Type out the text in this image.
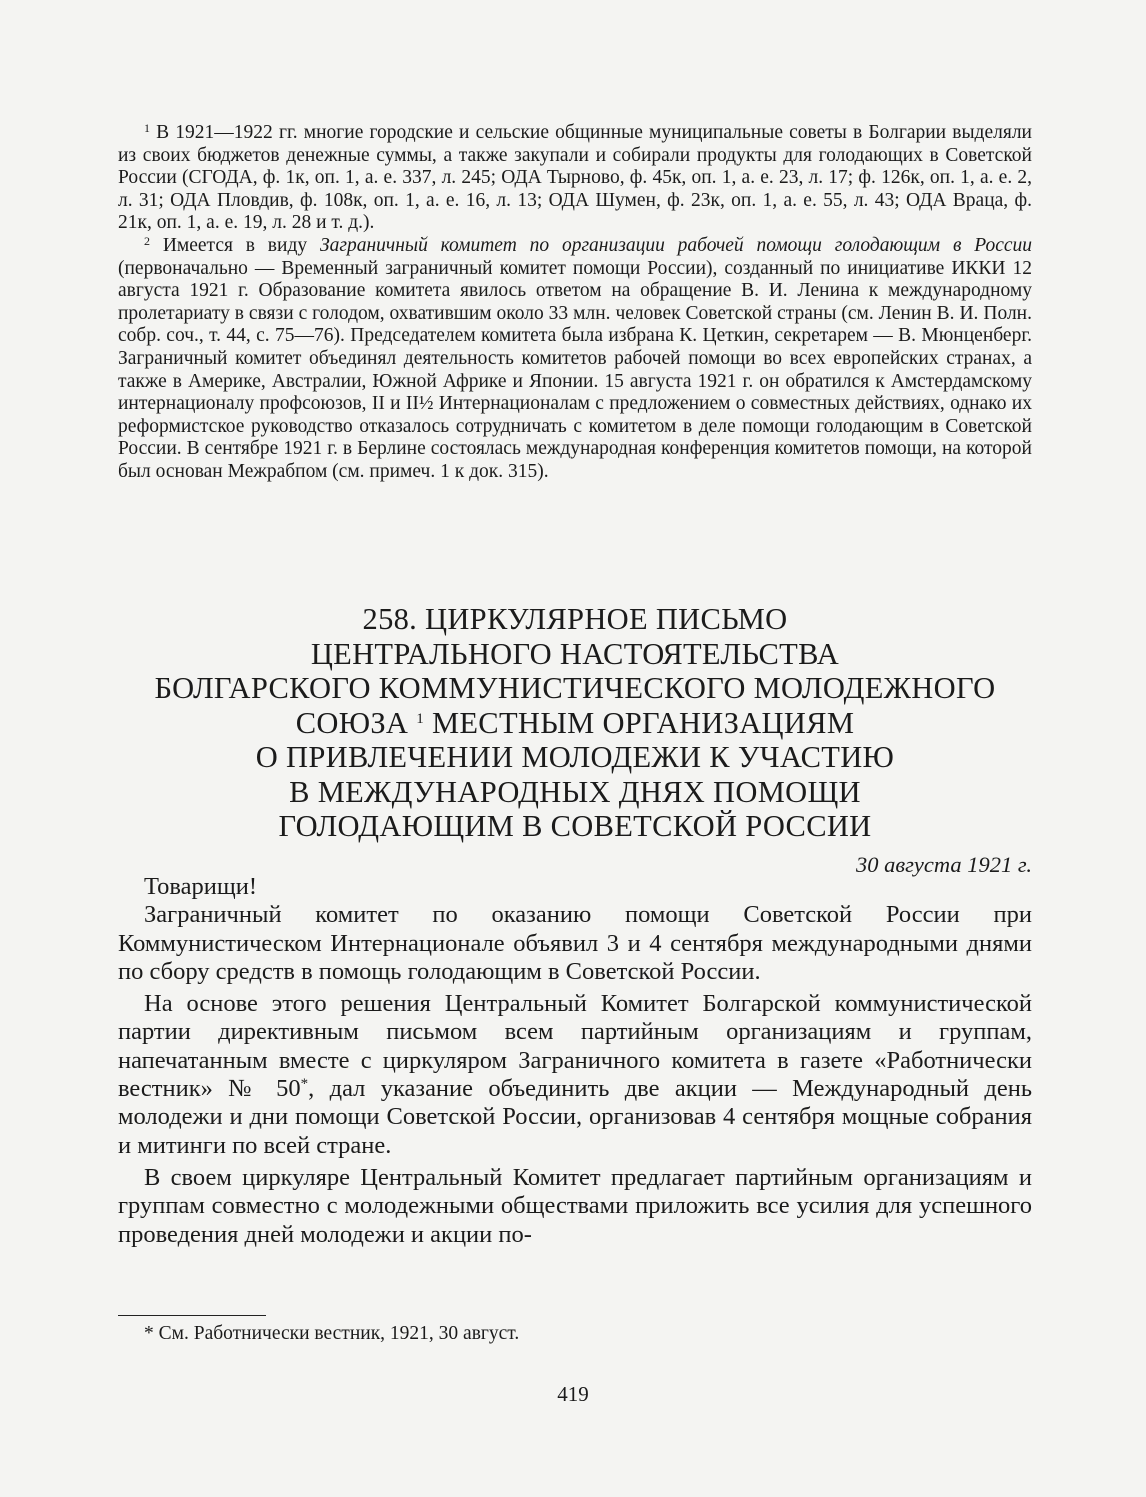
$^1$ В 1921—1922 гг. многие городские и сельские общинные муниципальные советы в Болгарии выделяли из своих бюджетов денежные суммы, а также закупали и собирали продукты для голодающих в Советской России (СГОДА, ф. 1к, оп. 1, а. е. 337, л. 245; ОДА Тырново, ф. 45к, оп. 1, а. е. 23, л. 17; ф. 126к, оп. 1, а. е. 2, л. 31; ОДА Пловдив, ф. 108к, оп. 1, а. е. 16, л. 13; ОДА Шумен, ф. 23к, оп. 1, а. е. 55, л. 43; ОДА Враца, ф. 21к, оп. 1, а. е. 19, л. 28 и т. д.).

$^2$ Имеется в виду Заграничный комитет по организации рабочей помощи голодающим в России (первоначально — Временный заграничный комитет помощи России), созданный по инициативе ИККИ 12 августа 1921 г. Образование комитета явилось ответом на обращение В. И. Ленина к международному пролетариату в связи с голодом, охватившим около 33 млн. человек Советской страны (см. Ленин В. И. Полн. собр. соч., т. 44, с. 75—76). Председателем комитета была избрана К. Цеткин, секретарем — В. Мюнценберг. Заграничный комитет объединял деятельность комитетов рабочей помощи во всех европейских странах, а также в Америке, Австралии, Южной Африке и Японии. 15 августа 1921 г. он обратился к Амстердамскому интернационалу профсоюзов, II и II½ Интернационалам с предложением о совместных действиях, однако их реформистское руководство отказалось сотрудничать с комитетом в деле помощи голодающим в Советской России. В сентябре 1921 г. в Берлине состоялась международная конференция комитетов помощи, на которой был основан Межрабпом (см. примеч. 1 к док. 315).

258. ЦИРКУЛЯРНОЕ ПИСЬМО
ЦЕНТРАЛЬНОГО НАСТОЯТЕЛЬСТВА
БОЛГАРСКОГО КОММУНИСТИЧЕСКОГО МОЛОДЕЖНОГО
СОЮЗА $^1$ МЕСТНЫМ ОРГАНИЗАЦИЯМ
О ПРИВЛЕЧЕНИИ МОЛОДЕЖИ К УЧАСТИЮ
В МЕЖДУНАРОДНЫХ ДНЯХ ПОМОЩИ
ГОЛОДАЮЩИМ В СОВЕТСКОЙ РОССИИ
30 августа 1921 г.

Товарищи!

Заграничный комитет по оказанию помощи Советской России при Коммунистическом Интернационале объявил 3 и 4 сентября международными днями по сбору средств в помощь голодающим в Советской России.

На основе этого решения Центральный Комитет Болгарской коммунистической партии директивным письмом всем партийным организациям и группам, напечатанным вместе с циркуляром Заграничного комитета в газете «Работнически вестник» № 50*, дал указание объединить две акции — Международный день молодежи и дни помощи Советской России, организовав 4 сентября мощные собрания и митинги по всей стране.

В своем циркуляре Центральный Комитет предлагает партийным организациям и группам совместно с молодежными обществами приложить все усилия для успешного проведения дней молодежи и акции по-

* См. Работнически вестник, 1921, 30 август.
419
